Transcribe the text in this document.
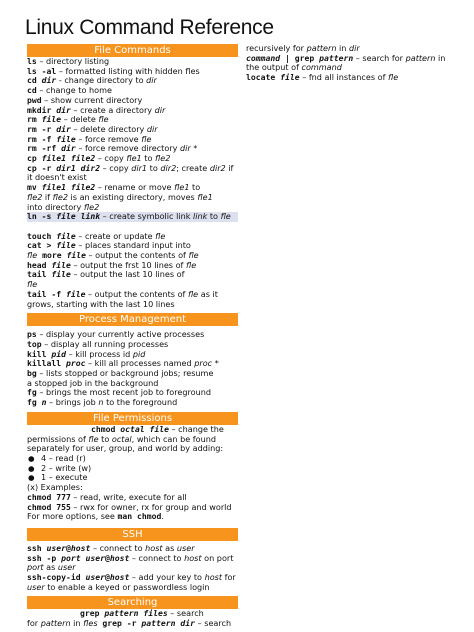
Linux Command Reference
File Commands
ls – directory listing
ls -al – formatted listing with hidden fles
cd dir - change directory to dir
cd – change to home
pwd – show current directory
mkdir dir – create a directory dir
rm file – delete fle
rm -r dir – delete directory dir
rm -f file – force remove fle
rm -rf dir – force remove directory dir *
cp file1 file2 – copy fle1 to fle2
cp -r dir1 dir2 – copy dir1 to dir2; create dir2 if
it doesn't exist
mv file1 file2 – rename or move fle1 to
fle2 if fle2 is an existing directory, moves fle1
into directory fle2
ln -s file link – create symbolic link link to fle
touch file – create or update fle
cat > file – places standard input into
fle more file – output the contents of fle
head file – output the frst 10 lines of fle
tail file – output the last 10 lines of
fle
tail -f file – output the contents of fle as it
grows, starting with the last 10 lines
Process Management
ps – display your currently active processes
top – display all running processes
kill pid – kill process id pid
killall proc – kill all processes named proc *
bg – lists stopped or background jobs; resume
a stopped job in the background
fg – brings the most recent job to foreground
fg n – brings job n to the foreground
File Permissions
chmod octal file – change the
permissions of fle to octal, which can be found
separately for user, group, and world by adding:
● 4 – read (r)
● 2 – write (w)
● 1 – execute
(x) Examples:
chmod 777 – read, write, execute for all
chmod 755 – rwx for owner, rx for group and world
For more options, see man chmod.
SSH
ssh user@host – connect to host as user
ssh -p port user@host – connect to host on port
port as user
ssh-copy-id user@host – add your key to host for
user to enable a keyed or passwordless login
Searching
grep pattern files – search
for pattern in fles grep -r pattern dir – search
recursively for pattern in dir
command | grep pattern – search for pattern in
the output of command
locate file – fnd all instances of fle
